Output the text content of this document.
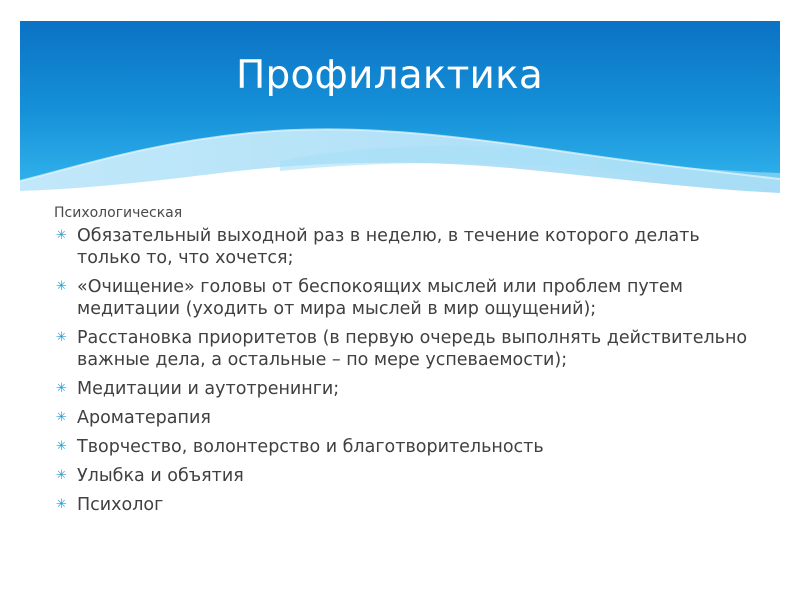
Профилактика

Психологическая

✳ Обязательный выходной раз в неделю, в течение которого делать только то, что хочется;
✳ «Очищение» головы от беспокоящих мыслей или проблем путем медитации (уходить от мира мыслей в мир ощущений);
✳ Расстановка приоритетов (в первую очередь выполнять действительно важные дела, а остальные – по мере успеваемости);
✳ Медитации и аутотренинги;
✳ Ароматерапия
✳ Творчество, волонтерство и благотворительность
✳ Улыбка и объятия
✳ Психолог
